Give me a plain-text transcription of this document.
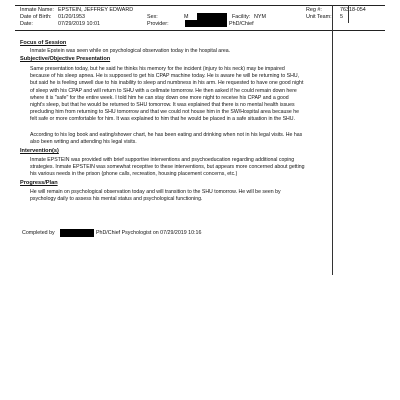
Inmate Name: EPSTEIN, JEFFREY EDWARD
Date of Birth: 01/20/1953
Date:	07/29/2019 10:01
Sex:	M
Provider:	PhD/Chief
Facility: NYM
Reg #:	76318-054
Unit Team: 5
Focus of Session
Inmate Epstein was seen while on psychological observation today in the hospital area.
Subjective/Objective Presentation
Same presentation today, but he said he thinks his memory for the incident (injury to his neck) may be impaired
because of his sleep apnea. He is supposed to get his CPAP machine today. He is aware he will be returning to SHU,
but said he is feeling unwell due to his inability to sleep and numbness in his arm. He requested to have one good night
of sleep with his CPAP and will return to SHU with a cellmate tomorrow. He then asked if he could remain down here
where it is "safe" for the entire week. I told him he can stay down one more night to receive his CPAP and a good
night's sleep, but that he would be returned to SHU tomorrow. It was explained that there is no mental health issues
precluding him from returning to SHU tomorrow and that we could not house him in the SW/Hospital area because he
felt safe or more comfortable for him. It was explained to him that he would be placed in a safe situation in the SHU.
According to his log book and eating/shower chart, he has been eating and drinking when not in his legal visits. He has
also been writing and attending his legal visits.
Intervention(s)
Inmate EPSTEIN was provided with brief supportive interventions and psychoeducation regarding additional coping
strategies. Inmate EPSTEIN was somewhat receptive to these interventions, but appears more concerned about getting
his various needs in the prison (phone calls, recreation, housing placement concerns, etc.)
Progress/Plan
He will remain on psychological observation today and will transition to the SHU tomorrow. He will be seen by
psychology daily to assess his mental status and psychological functioning.
Completed by	PhD/Chief Psychologist on 07/29/2019 10:16
